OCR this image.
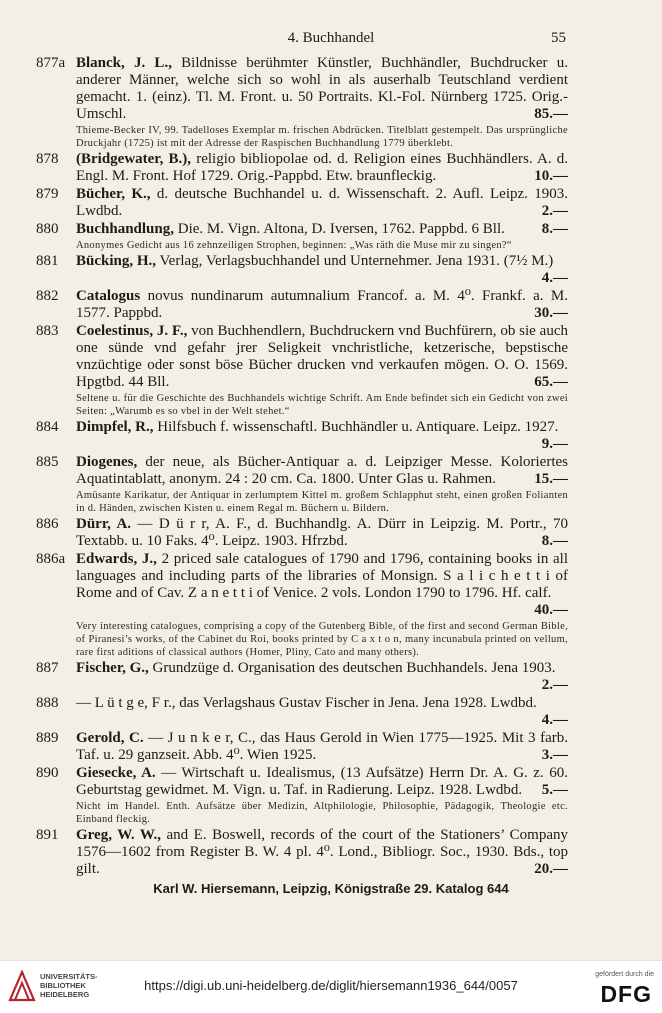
4. Buchhandel	55
877a Blanck, J. L., Bildnisse berühmter Künstler, Buchhändler, Buchdrucker u. anderer Männer, welche sich so wohl in als auserhalb Teutschland verdient gemacht. 1. (einz). Tl. M. Front. u. 50 Portraits. Kl.-Fol. Nürnberg 1725. Orig.-Umschl.	85.—
Thieme-Becker IV, 99. Tadelloses Exemplar m. frischen Abdrücken. Titelblatt gestempelt. Das ursprüngliche Druckjahr (1725) ist mit der Adresse der Raspischen Buchhandlung 1779 überklebt.
878 (Bridgewater, B.), religio bibliopolae od. d. Religion eines Buchhändlers. A. d. Engl. M. Front. Hof 1729. Orig.-Pappbd. Etw. braunfleckig.	10.—
879 Bücher, K., d. deutsche Buchhandel u. d. Wissenschaft. 2. Aufl. Leipz. 1903. Lwdbd.	2.—
880 Buchhandlung, Die. M. Vign. Altona, D. Iversen, 1762. Pappbd. 6 Bll.	8.—
Anonymes Gedicht aus 16 zehnzeiligen Strophen, beginnen: „Was räth die Muse mir zu singen?“
881 Bücking, H., Verlag, Verlagsbuchhandel und Unternehmer. Jena 1931. (7½ M.)
4.—
882 Catalogus novus nundinarum autumnalium Francof. a. M. 4⁰. Frankf. a. M. 1577. Pappbd.	30.—
883 Coelestinus, J. F., von Buchhendlern, Buchdruckern vnd Buchfürern, ob sie auch one sünde vnd gefahr jrer Seligkeit vnchristliche, ketzerische, bepstische vnzüchtige oder sonst böse Bücher drucken vnd verkaufen mögen. O. O. 1569. Hpgtbd. 44 Bll.	65.—
Seltene u. für die Geschichte des Buchhandels wichtige Schrift. Am Ende befindet sich ein Gedicht von zwei Seiten: „Warumb es so vbel in der Welt stehet.“
884 Dimpfel, R., Hilfsbuch f. wissenschaftl. Buchhändler u. Antiquare. Leipz. 1927.
9.—
885 Diogenes, der neue, als Bücher-Antiquar a. d. Leipziger Messe. Koloriertes Aquatintablatt, anonym. 24 : 20 cm. Ca. 1800. Unter Glas u. Rahmen.	15.—
Amüsante Karikatur, der Antiquar in zerlumptem Kittel m. großem Schlapphut steht, einen großen Folianten in d. Händen, zwischen Kisten u. einem Regal m. Büchern u. Bildern.
886 Dürr, A. — D ü r r, A. F., d. Buchhandlg. A. Dürr in Leipzig. M. Portr., 70 Textabb. u. 10 Faks. 4⁰. Leipz. 1903. Hfrzbd.	8.—
886a Edwards, J., 2 priced sale catalogues of 1790 and 1796, containing books in all languages and including parts of the libraries of Monsign. S a l i c h e t t i of Rome and of Cav. Z a n e t t i of Venice. 2 vols. London 1790 to 1796. Hf. calf.
40.—
Very interesting catalogues, comprising a copy of the Gutenberg Bible, of the first and second German Bible, of Piranesi’s works, of the Cabinet du Roi, books printed by C a x t o n, many incunabula printed on vellum, rare first aditions of classical authors (Homer, Pliny, Cato and many others).
887 Fischer, G., Grundzüge d. Organisation des deutschen Buchhandels. Jena 1903.
2.—
888 — L ü t g e, F r., das Verlagshaus Gustav Fischer in Jena. Jena 1928. Lwdbd.
4.—
889 Gerold, C. — J u n k e r, C., das Haus Gerold in Wien 1775—1925. Mit 3 farb. Taf. u. 29 ganzseit. Abb. 4⁰. Wien 1925.	3.—
890 Giesecke, A. — Wirtschaft u. Idealismus, (13 Aufsätze) Herrn Dr. A. G. z. 60. Geburtstag gewidmet. M. Vign. u. Taf. in Radierung. Leipz. 1928. Lwdbd.	5.—
Nicht im Handel. Enth. Aufsätze über Medizin, Altphilologie, Philosophie, Pädagogik, Theologie etc. Einband fleckig.
891 Greg, W. W., and E. Boswell, records of the court of the Stationers’ Company 1576—1602 from Register B. W. 4 pl. 4⁰. Lond., Bibliogr. Soc., 1930. Bds., top gilt.	20.—
Karl W. Hiersemann, Leipzig, Königstraße 29. Katalog 644
UNIVERSITÄTS-
BIBLIOTHEK
HEIDELBERG
https://digi.ub.uni-heidelberg.de/diglit/hiersemann1936_644/0057
gefördert durch die
DFG
